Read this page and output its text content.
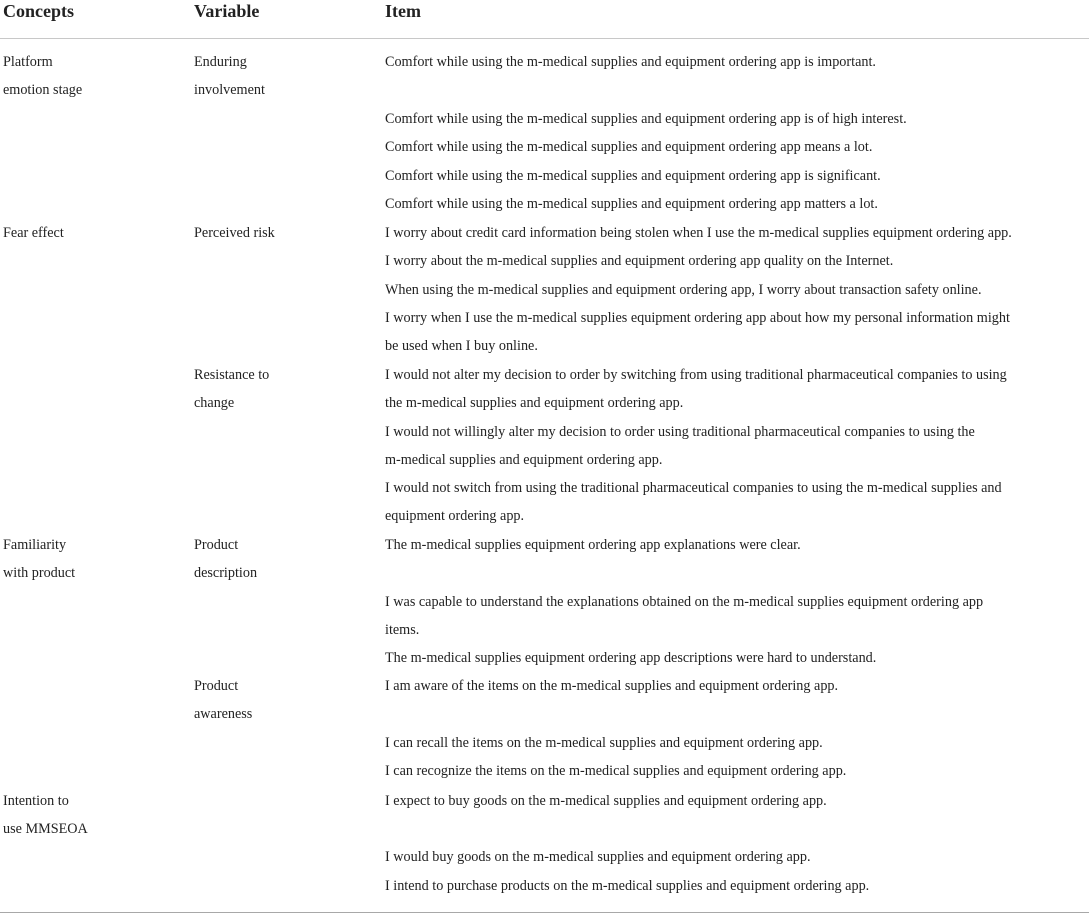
Concepts	Variable	Item
Platform
emotion stage
Fear effect
Familiarity
with product
Intention to
use MMSEOA
Enduring
involvement
Perceived risk
Resistance to
change
Product
description
Product
awareness
Comfort while using the m-medical supplies and equipment ordering app is important.
Comfort while using the m-medical supplies and equipment ordering app is of high interest.
Comfort while using the m-medical supplies and equipment ordering app means a lot.
Comfort while using the m-medical supplies and equipment ordering app is significant.
Comfort while using the m-medical supplies and equipment ordering app matters a lot.
I worry about credit card information being stolen when I use the m-medical supplies equipment ordering app.
I worry about the m-medical supplies and equipment ordering app quality on the Internet.
When using the m-medical supplies and equipment ordering app, I worry about transaction safety online.
I worry when I use the m-medical supplies equipment ordering app about how my personal information might
be used when I buy online.
I would not alter my decision to order by switching from using traditional pharmaceutical companies to using
the m-medical supplies and equipment ordering app.
I would not willingly alter my decision to order using traditional pharmaceutical companies to using the
m-medical supplies and equipment ordering app.
I would not switch from using the traditional pharmaceutical companies to using the m-medical supplies and
equipment ordering app.
The m-medical supplies equipment ordering app explanations were clear.
I was capable to understand the explanations obtained on the m-medical supplies equipment ordering app
items.
The m-medical supplies equipment ordering app descriptions were hard to understand.
I am aware of the items on the m-medical supplies and equipment ordering app.
I can recall the items on the m-medical supplies and equipment ordering app.
I can recognize the items on the m-medical supplies and equipment ordering app.
I expect to buy goods on the m-medical supplies and equipment ordering app.
I would buy goods on the m-medical supplies and equipment ordering app.
I intend to purchase products on the m-medical supplies and equipment ordering app.
